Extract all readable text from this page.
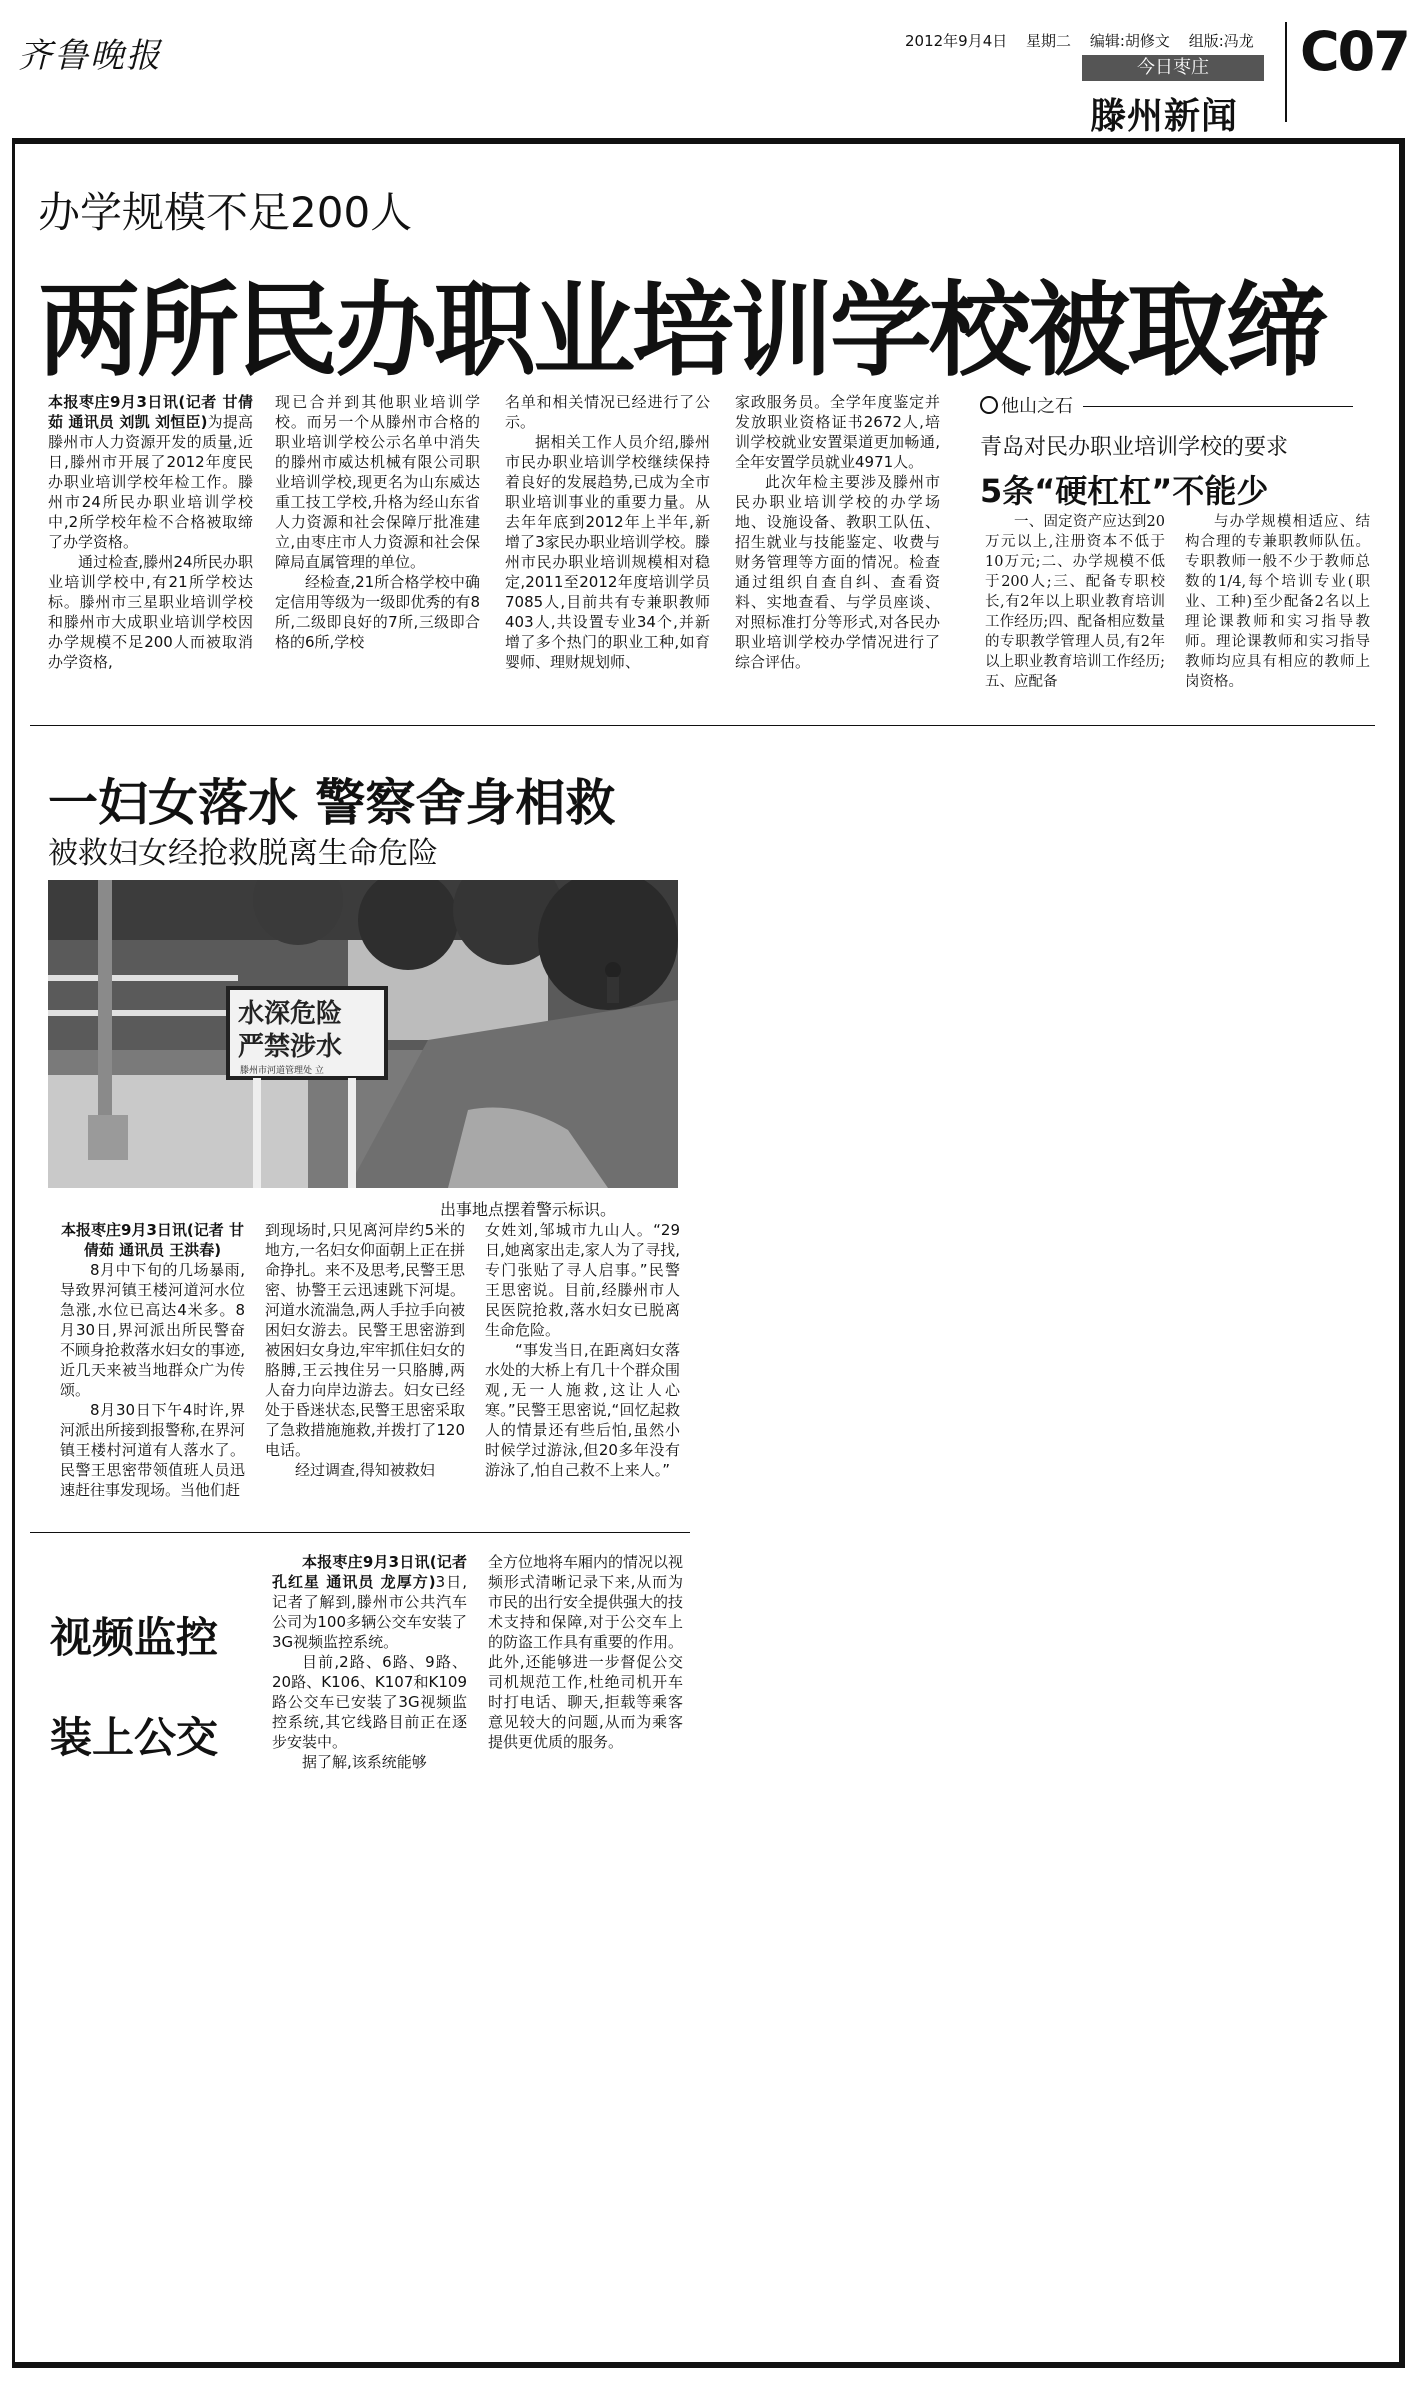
齐鲁晚报	2012年9月4日 星期二 编辑:胡修文 组版:冯龙
今日枣庄
滕州新闻
C07
办学规模不足200人
两所民办职业培训学校被取缔

本报枣庄9月3日讯(记者 甘倩茹 通讯员 刘凯 刘恒臣)为提高滕州市人力资源开发的质量,近日,滕州市开展了2012年度民办职业培训学校年检工作。滕州市24所民办职业培训学校中,2所学校年检不合格被取缔了办学资格。

通过检查,滕州24所民办职业培训学校中,有21所学校达标。滕州市三星职业培训学校和滕州市大成职业培训学校因办学规模不足200人而被取消办学资格,

现已合并到其他职业培训学校。而另一个从滕州市合格的职业培训学校公示名单中消失的滕州市威达机械有限公司职业培训学校,现更名为山东威达重工技工学校,升格为经山东省人力资源和社会保障厅批准建立,由枣庄市人力资源和社会保障局直属管理的单位。

经检查,21所合格学校中确定信用等级为一级即优秀的有8所,二级即良好的7所,三级即合格的6所,学校

名单和相关情况已经进行了公示。

据相关工作人员介绍,滕州市民办职业培训学校继续保持着良好的发展趋势,已成为全市职业培训事业的重要力量。从去年年底到2012年上半年,新增了3家民办职业培训学校。滕州市民办职业培训规模相对稳定,2011至2012年度培训学员7085人,目前共有专兼职教师403人,共设置专业34个,并新增了多个热门的职业工种,如育婴师、理财规划师、

家政服务员。全学年度鉴定并发放职业资格证书2672人,培训学校就业安置渠道更加畅通,全年安置学员就业4971人。

此次年检主要涉及滕州市民办职业培训学校的办学场地、设施设备、教职工队伍、招生就业与技能鉴定、收费与财务管理等方面的情况。检查通过组织自查自纠、查看资料、实地查看、与学员座谈、对照标准打分等形式,对各民办职业培训学校办学情况进行了综合评估。

他山之石
青岛对民办职业培训学校的要求
5条“硬杠杠”不能少

一、固定资产应达到20万元以上,注册资本不低于10万元;二、办学规模不低于200人;三、配备专职校长,有2年以上职业教育培训工作经历;四、配备相应数量的专职教学管理人员,有2年以上职业教育培训工作经历;五、应配备

与办学规模相适应、结构合理的专兼职教师队伍。专职教师一般不少于教师总数的1/4,每个培训专业(职业、工种)至少配备2名以上理论课教师和实习指导教师。理论课教师和实习指导教师均应具有相应的教师上岗资格。

一妇女落水 警察舍身相救
被救妇女经抢救脱离生命危险
水深危险
严禁涉水
滕州市河道管理处 立
出事地点摆着警示标识。

本报枣庄9月3日讯(记者 甘倩茹 通讯员 王洪春)

8月中下旬的几场暴雨,导致界河镇王楼河道河水位急涨,水位已高达4米多。8月30日,界河派出所民警奋不顾身抢救落水妇女的事迹,近几天来被当地群众广为传颂。

8月30日下午4时许,界河派出所接到报警称,在界河镇王楼村河道有人落水了。民警王思密带领值班人员迅速赶往事发现场。当他们赶

到现场时,只见离河岸约5米的地方,一名妇女仰面朝上正在拼命挣扎。来不及思考,民警王思密、协警王云迅速跳下河堤。河道水流湍急,两人手拉手向被困妇女游去。民警王思密游到被困妇女身边,牢牢抓住妇女的胳膊,王云拽住另一只胳膊,两人奋力向岸边游去。妇女已经处于昏迷状态,民警王思密采取了急救措施施救,并拨打了120电话。

经过调查,得知被救妇

女姓刘,邹城市九山人。“29日,她离家出走,家人为了寻找,专门张贴了寻人启事。”民警王思密说。目前,经滕州市人民医院抢救,落水妇女已脱离生命危险。

“事发当日,在距离妇女落水处的大桥上有几十个群众围观,无一人施救,这让人心寒。”民警王思密说,“回忆起救人的情景还有些后怕,虽然小时候学过游泳,但20多年没有游泳了,怕自己救不上来人。”

视频监控
装上公交

本报枣庄9月3日讯(记者 孔红星 通讯员 龙厚方)3日,记者了解到,滕州市公共汽车公司为100多辆公交车安装了3G视频监控系统。

目前,2路、6路、9路、20路、K106、K107和K109路公交车已安装了3G视频监控系统,其它线路目前正在逐步安装中。

据了解,该系统能够

全方位地将车厢内的情况以视频形式清晰记录下来,从而为市民的出行安全提供强大的技术支持和保障,对于公交车上的防盗工作具有重要的作用。此外,还能够进一步督促公交司机规范工作,杜绝司机开车时打电话、聊天,拒载等乘客意见较大的问题,从而为乘客提供更优质的服务。
